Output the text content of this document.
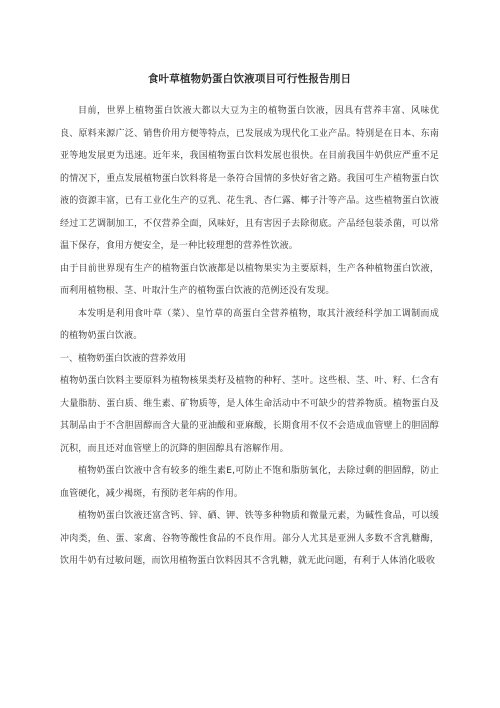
食叶草植物奶蛋白饮液项目可行性报告刖日

目前，世界上植物蛋白饮液大都以大豆为主的植物蛋白饮液，因具有营养丰富、风味优良、原料来源广泛、销售价用方便等特点，已发展成为现代化工业产品。特别是在日本、东南亚等地发展更为迅速。近年来，我国植物蛋白饮料发展也很快。在目前我国牛奶供应严重不足的情况下，重点发展植物蛋白饮料将是一条符合国情的多快好省之路。我国可生产植物蛋白饮液的资源丰富，已有工业化生产的豆乳、花生乳、杏仁露、椰子汁等产品。这些植物蛋白饮液经过工艺调制加工，不仅营养全面，风味好，且有害因子去除彻底。产品经包装杀菌，可以常温下保存，食用方便安全，是一种比较理想的营养性饮液。

由于目前世界现有生产的植物蛋白饮液都是以植物果实为主要原料，生产各种植物蛋白饮液，而利用植物根、茎、叶取汁生产的植物蛋白饮液的范例还没有发现。

本发明是利用食叶草（菜）、皇竹草的高蛋白全营养植物，取其汁液经科学加工调制而成的植物奶蛋白饮液。

一、植物奶蛋白饮液的营养效用

植物奶蛋白饮料主要原料为植物核果类籽及植物的种籽、茎叶。这些根、茎、叶、籽、仁含有大量脂肪、蛋白质、维生素、矿物质等，是人体生命活动中不可缺少的营养物质。植物蛋白及其制品由于不含胆固醇而含大量的亚油酸和亚麻酸，长期食用不仅不会造成血管壁上的胆固醇沉积，而且还对血管壁上的沉降的胆固醇具有溶解作用。

植物奶蛋白饮液中含有较多的维生素E,可防止不饱和脂肪氧化，去除过剩的胆固醇，防止血管硬化，减少褐斑，有预防老年病的作用。

植物奶蛋白饮液还富含钙、锌、硒、钾、铁等多种物质和微量元素，为碱性食品，可以缓冲肉类，鱼、蛋、家禽、谷物等酸性食品的不良作用。部分人尤其是亚洲人多数不含乳糖酶，饮用牛奶有过敏问题，而饮用植物蛋白饮料因其不含乳糖，就无此问题，有利于人体消化吸收
